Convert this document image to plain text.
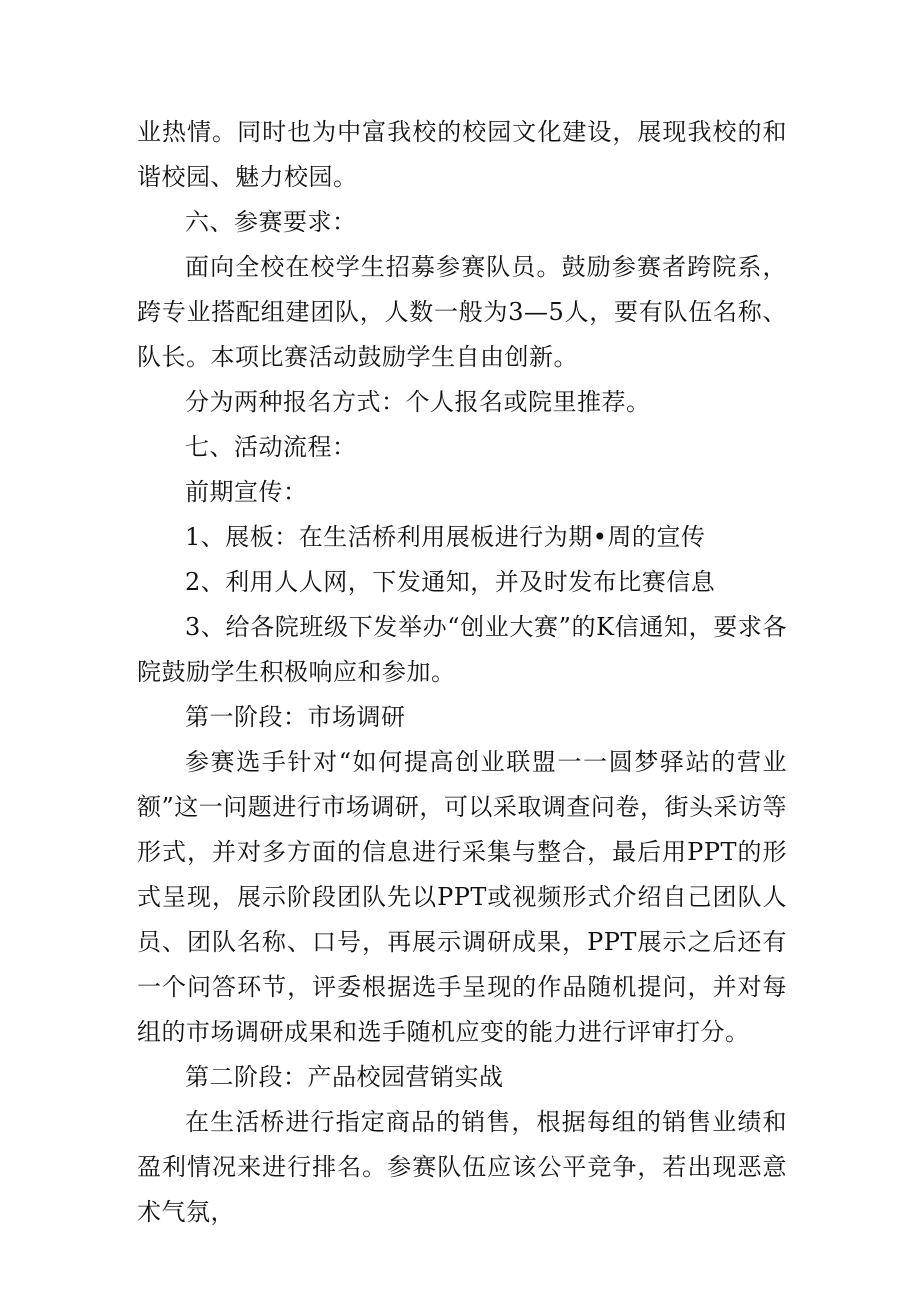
业热情。同时也为中富我校的校园文化建设，展现我校的和谐校园、魅力校园。

六、参赛要求：

面向全校在校学生招募参赛队员。鼓励参赛者跨院系，跨专业搭配组建团队，人数一般为3—5人，要有队伍名称、队长。本项比赛活动鼓励学生自由创新。

分为两种报名方式：个人报名或院里推荐。

七、活动流程：

前期宣传：

1、展板：在生活桥利用展板进行为期•周的宣传

2、利用人人网，下发通知，并及时发布比赛信息

3、给各院班级下发举办“创业大赛”的K信通知，要求各院鼓励学生积极响应和参加。

第一阶段：市场调研

参赛选手针对“如何提高创业联盟一一圆梦驿站的营业额”这一问题进行市场调研，可以采取调查问卷，街头采访等形式，并对多方面的信息进行采集与整合，最后用PPT的形式呈现，展示阶段团队先以PPT或视频形式介绍自己团队人员、团队名称、口号，再展示调研成果，PPT展示之后还有一个问答环节，评委根据选手呈现的作品随机提问，并对每组的市场调研成果和选手随机应变的能力进行评审打分。

第二阶段：产品校园营销实战

在生活桥进行指定商品的销售，根据每组的销售业绩和盈利情况来进行排名。参赛队伍应该公平竞争，若出现恶意术气氛，
